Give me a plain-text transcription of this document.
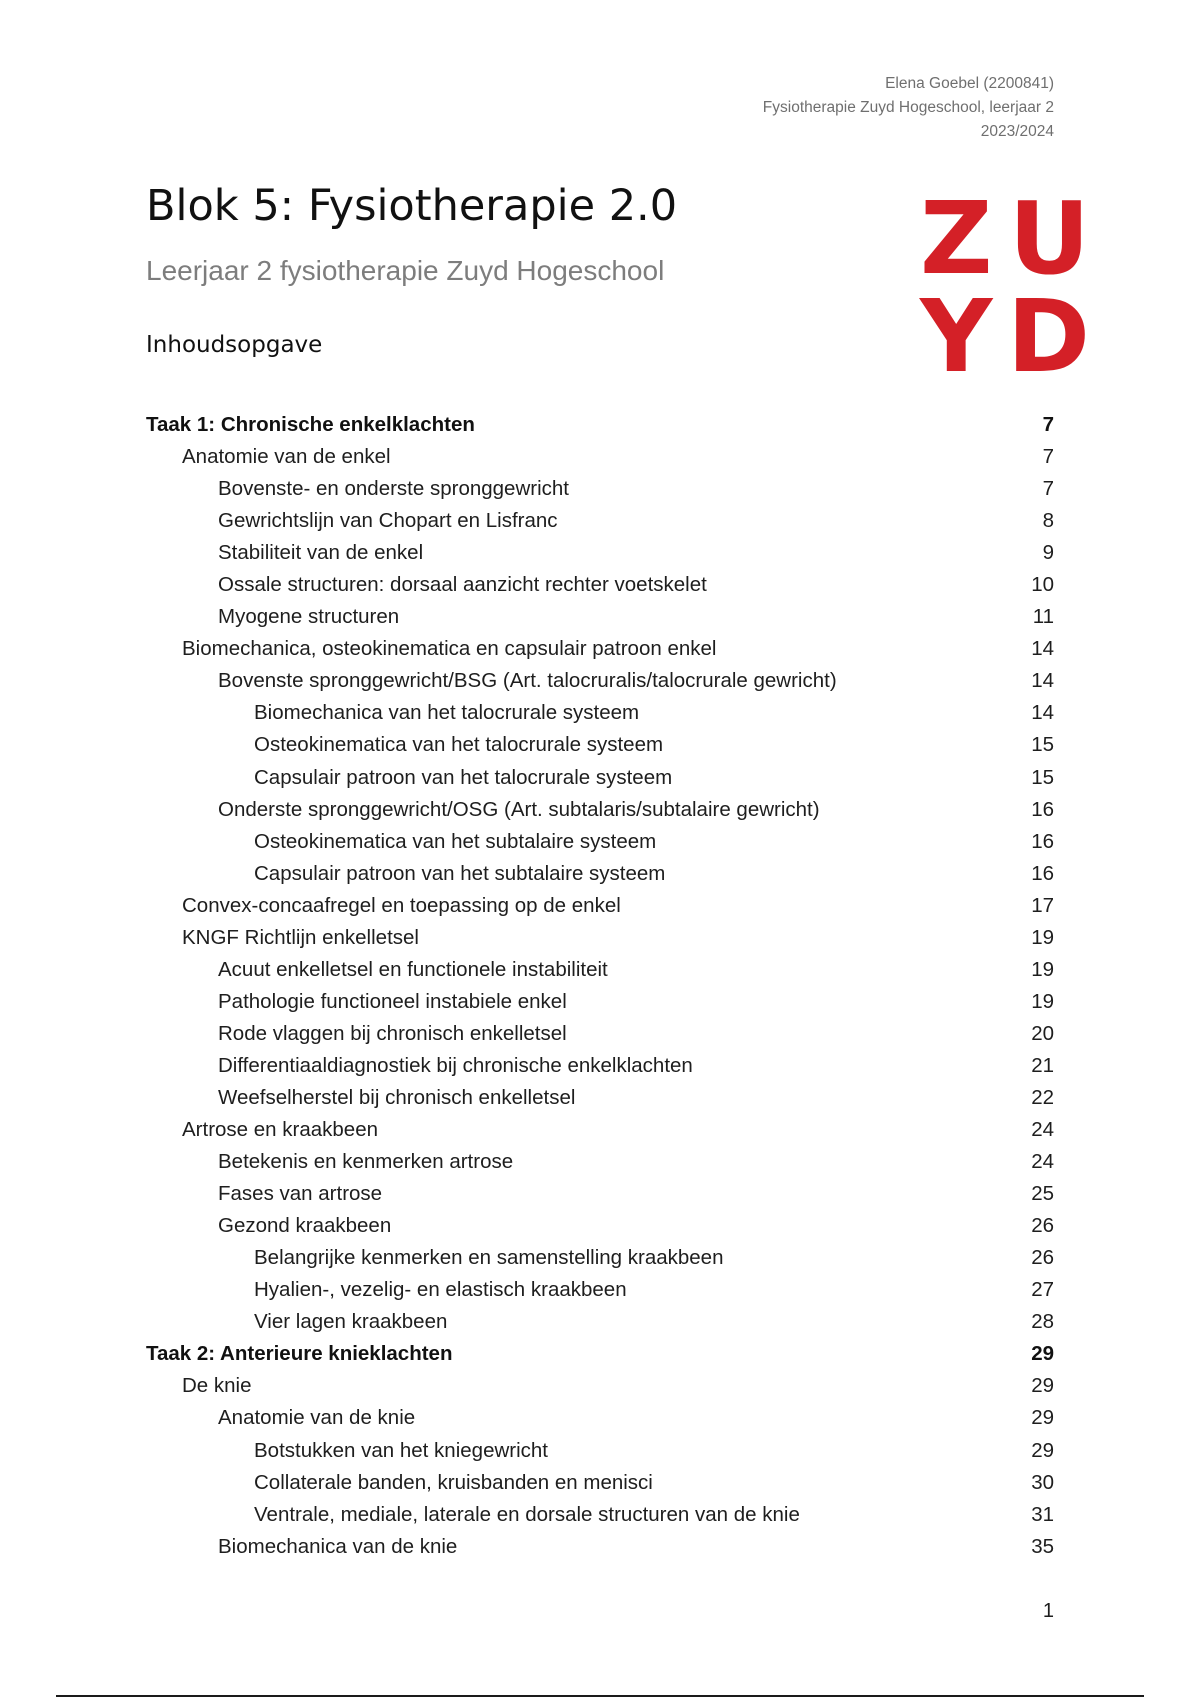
Elena Goebel (2200841)
Fysiotherapie Zuyd Hogeschool, leerjaar 2
2023/2024
Blok 5: Fysiotherapie 2.0
Leerjaar 2 fysiotherapie Zuyd Hogeschool
Inhoudsopgave
Z U
Y D
Taak 1: Chronische enkelklachten	7
Anatomie van de enkel	7
Bovenste- en onderste spronggewricht	7
Gewrichtslijn van Chopart en Lisfranc	8
Stabiliteit van de enkel	9
Ossale structuren: dorsaal aanzicht rechter voetskelet	10
Myogene structuren	11
Biomechanica, osteokinematica en capsulair patroon enkel	14
Bovenste spronggewricht/BSG (Art. talocruralis/talocrurale gewricht)	14
Biomechanica van het talocrurale systeem	14
Osteokinematica van het talocrurale systeem	15
Capsulair patroon van het talocrurale systeem	15
Onderste spronggewricht/OSG (Art. subtalaris/subtalaire gewricht)	16
Osteokinematica van het subtalaire systeem	16
Capsulair patroon van het subtalaire systeem	16
Convex-concaafregel en toepassing op de enkel	17
KNGF Richtlijn enkelletsel	19
Acuut enkelletsel en functionele instabiliteit	19
Pathologie functioneel instabiele enkel	19
Rode vlaggen bij chronisch enkelletsel	20
Differentiaaldiagnostiek bij chronische enkelklachten	21
Weefselherstel bij chronisch enkelletsel	22
Artrose en kraakbeen	24
Betekenis en kenmerken artrose	24
Fases van artrose	25
Gezond kraakbeen	26
Belangrijke kenmerken en samenstelling kraakbeen	26
Hyalien-, vezelig- en elastisch kraakbeen	27
Vier lagen kraakbeen	28
Taak 2: Anterieure knieklachten	29
De knie	29
Anatomie van de knie	29
Botstukken van het kniegewricht	29
Collaterale banden, kruisbanden en menisci	30
Ventrale, mediale, laterale en dorsale structuren van de knie	31
Biomechanica van de knie	35
1
